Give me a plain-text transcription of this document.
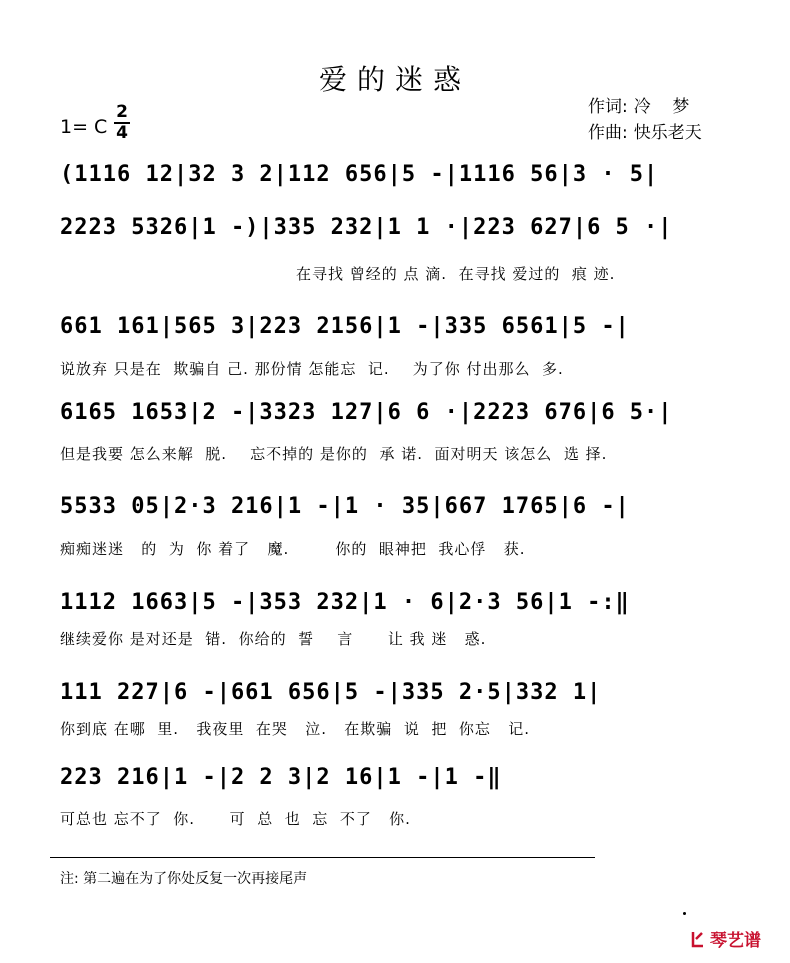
爱的迷惑
1= C
2
4
作词: 冷    梦
作曲: 快乐老天
(1116 12|32 3 2|112 656|5 -|1116 56|3 · 5|
2223 5326|1 -)|335 232|1 1 ·|223 627|6 5 ·|
在寻找 曾经的 点 滴.  在寻找 爱过的  痕 迹.
661 161|565 3|223 2156|1 -|335 6561|5 -|
说放弃 只是在  欺骗自 己. 那份情 怎能忘  记.    为了你 付出那么  多.
6165 1653|2 -|3323 127|6 6 ·|2223 676|6 5·|
但是我要 怎么来解  脱.    忘不掉的 是你的  承 诺.  面对明天 该怎么  选 择.
5533 05|2·3 216|1 -|1 · 35|667 1765|6 -|
痴痴迷迷   的  为  你 着了   魔.        你的  眼神把  我心俘   获.
1112 1663|5 -|353 232|1 · 6|2·3 56|1 -:‖
继续爱你 是对还是  错.  你给的  誓    言      让 我 迷   惑.
111 227|6 -|661 656|5 -|335 2·5|332 1|
你到底 在哪  里.   我夜里  在哭   泣.   在欺骗  说  把  你忘   记.
223 216|1 -|2 2 3|2 16|1 -|1 -‖
可总也 忘不了  你.      可  总  也  忘  不了   你.
注: 第二遍在为了你处反复一次再接尾声
琴艺谱
